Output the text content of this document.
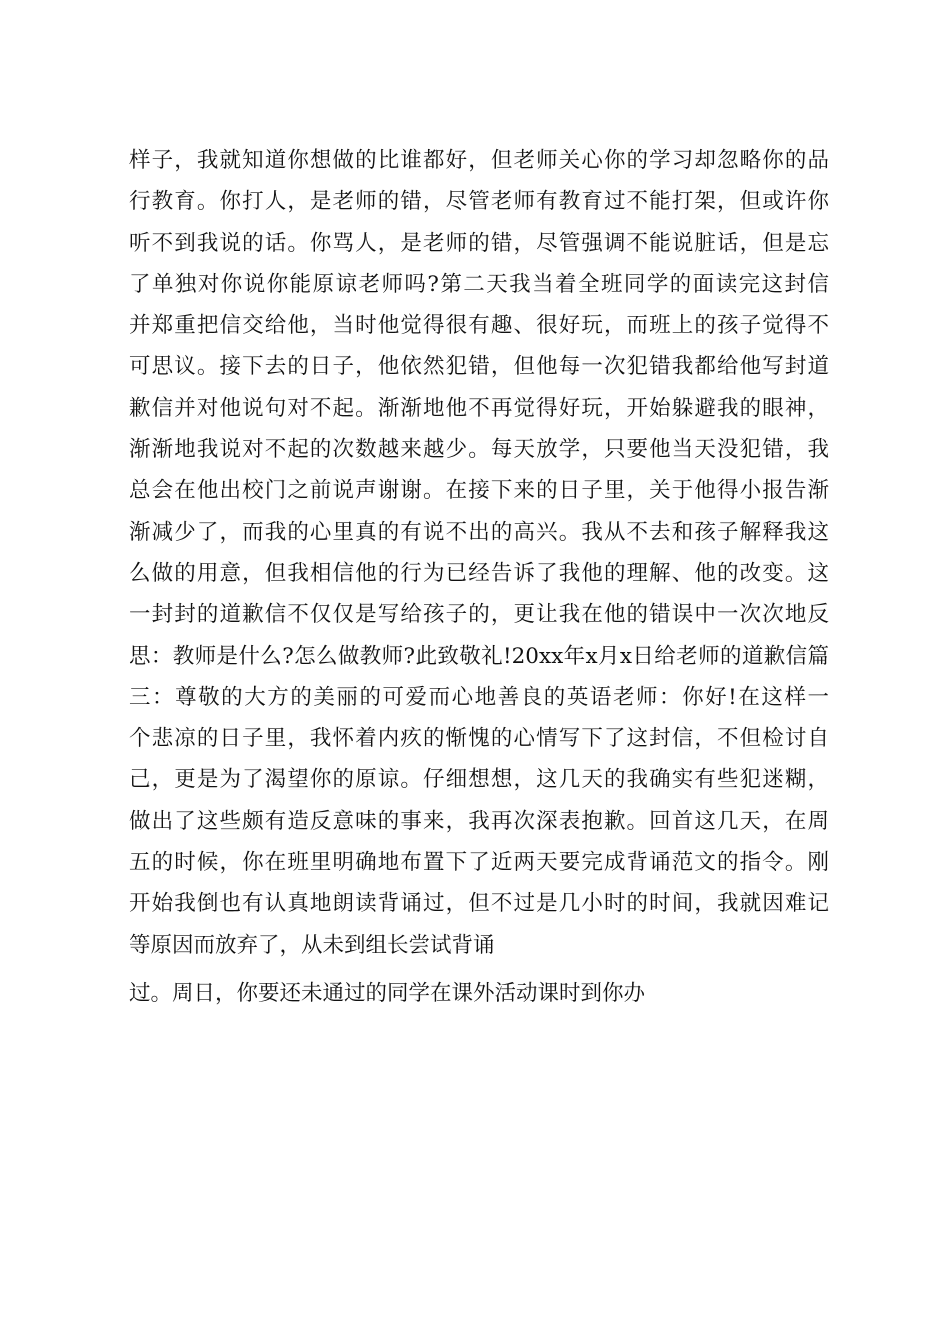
样子，我就知道你想做的比谁都好，但老师关心你的学习却忽略你的品
行教育。你打人，是老师的错，尽管老师有教育过不能打架，但或许你
听不到我说的话。你骂人，是老师的错，尽管强调不能说脏话，但是忘
了单独对你说你能原谅老师吗?第二天我当着全班同学的面读完这封信
并郑重把信交给他，当时他觉得很有趣、很好玩，而班上的孩子觉得不
可思议。接下去的日子，他依然犯错，但他每一次犯错我都给他写封道
歉信并对他说句对不起。渐渐地他不再觉得好玩，开始躲避我的眼神，
渐渐地我说对不起的次数越来越少。每天放学，只要他当天没犯错，我
总会在他出校门之前说声谢谢。在接下来的日子里，关于他得小报告渐
渐减少了，而我的心里真的有说不出的高兴。我从不去和孩子解释我这
么做的用意，但我相信他的行为已经告诉了我他的理解、他的改变。这
一封封的道歉信不仅仅是写给孩子的，更让我在他的错误中一次次地反
思：教师是什么?怎么做教师?此致敬礼!20xx年x月x日给老师的道歉信篇
三：尊敬的大方的美丽的可爱而心地善良的英语老师：你好!在这样一
个悲凉的日子里，我怀着内疚的惭愧的心情写下了这封信，不但检讨自
己，更是为了渴望你的原谅。仔细想想，这几天的我确实有些犯迷糊，
做出了这些颇有造反意味的事来，我再次深表抱歉。回首这几天，在周
五的时候，你在班里明确地布置下了近两天要完成背诵范文的指令。刚
开始我倒也有认真地朗读背诵过，但不过是几小时的时间，我就因难记
等原因而放弃了，从未到组长尝试背诵
过。周日，你要还未通过的同学在课外活动课时到你办
